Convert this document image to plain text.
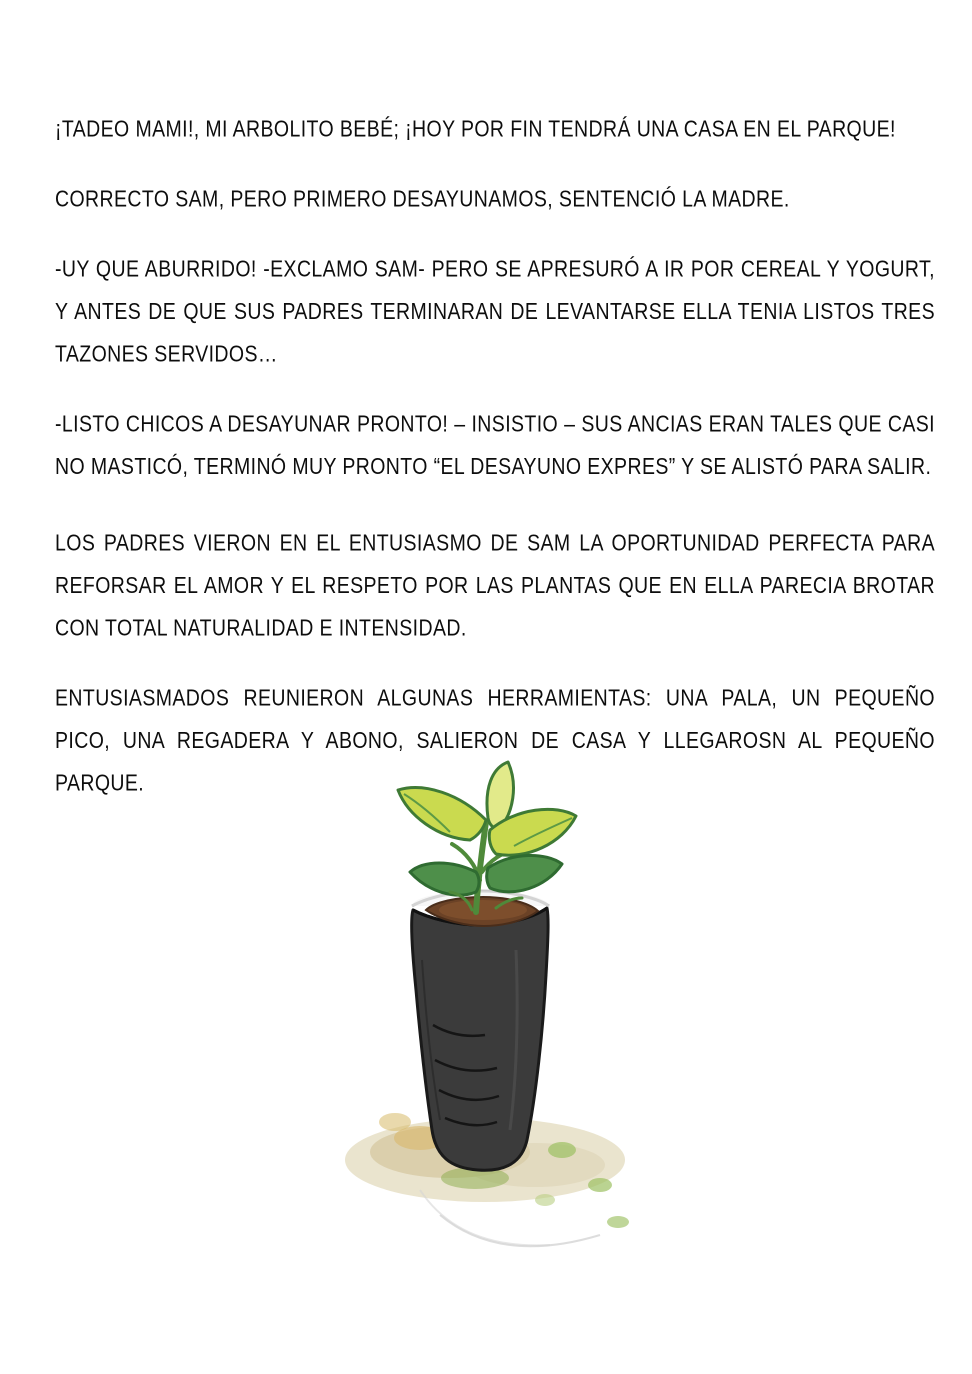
¡TADEO MAMI!, MI ARBOLITO BEBÉ; ¡HOY POR FIN TENDRÁ UNA CASA EN EL PARQUE!

CORRECTO SAM, PERO PRIMERO DESAYUNAMOS, SENTENCIÓ LA MADRE.

-UY QUE ABURRIDO! -EXCLAMO SAM- PERO SE APRESURÓ A IR POR CEREAL Y YOGURT, Y ANTES DE QUE SUS PADRES TERMINARAN DE LEVANTARSE ELLA TENIA LISTOS TRES TAZONES SERVIDOS…

-LISTO CHICOS A DESAYUNAR PRONTO! – INSISTIO – SUS ANCIAS ERAN TALES QUE CASI NO MASTICÓ, TERMINÓ MUY PRONTO “EL DESAYUNO EXPRES” Y SE ALISTÓ PARA SALIR.

LOS PADRES VIERON EN EL ENTUSIASMO DE SAM LA OPORTUNIDAD PERFECTA PARA REFORSAR EL AMOR Y EL RESPETO POR LAS PLANTAS QUE EN ELLA PARECIA BROTAR CON TOTAL NATURALIDAD E INTENSIDAD.

ENTUSIASMADOS REUNIERON ALGUNAS HERRAMIENTAS: UNA PALA, UN PEQUEÑO PICO, UNA REGADERA Y ABONO, SALIERON DE CASA Y LLEGAROSN AL PEQUEÑO PARQUE.
